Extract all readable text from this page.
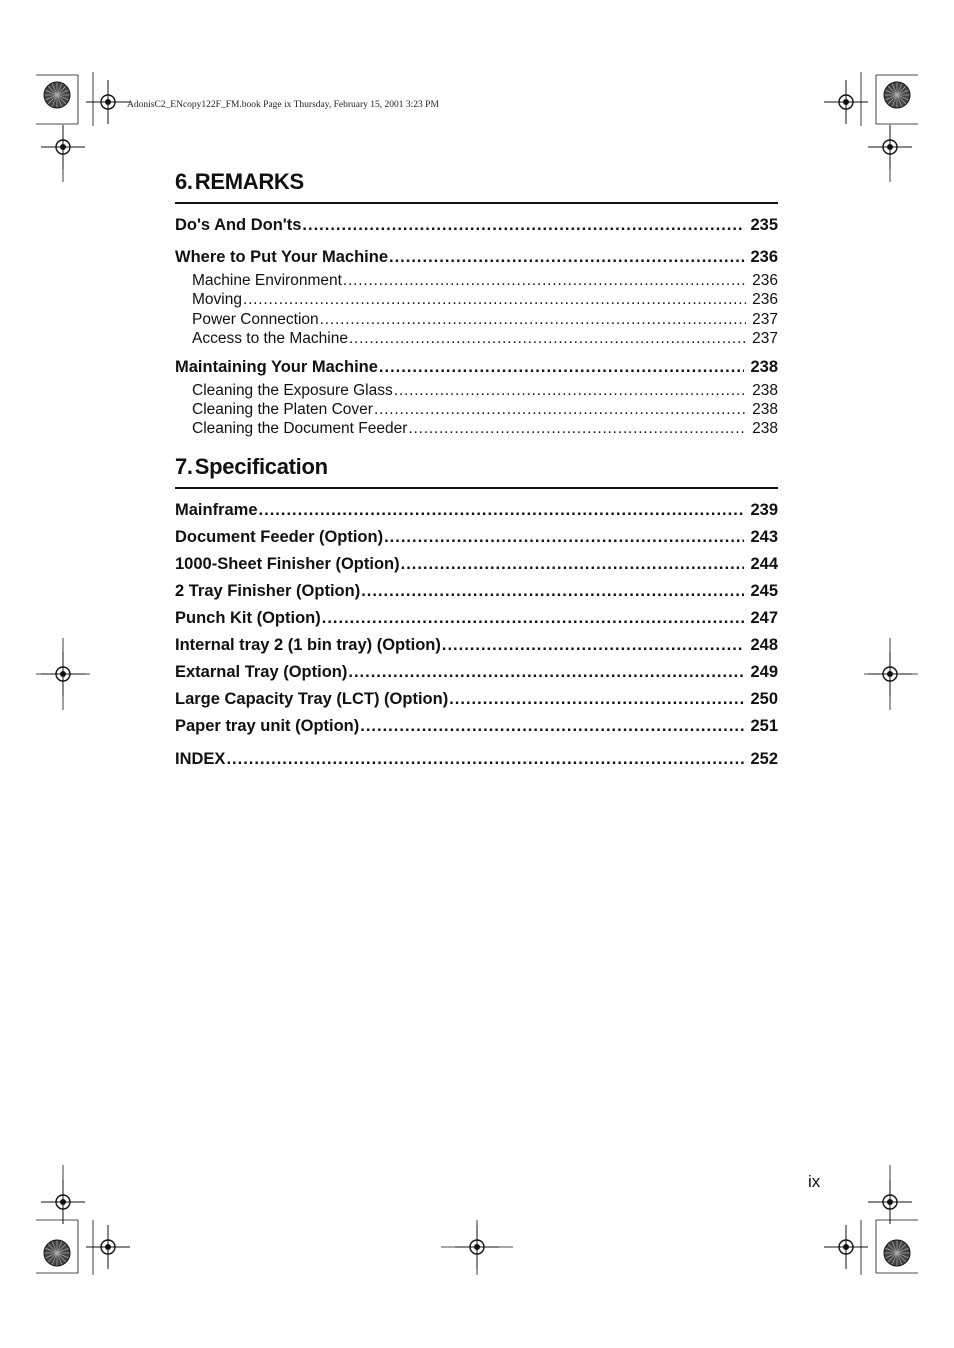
AdonisC2_ENcopy122F_FM.book Page ix Thursday, February 15, 2001 3:23 PM
6.REMARKS
Do's And Don'ts .....	235
Where to Put Your Machine .....	236
Machine Environment .....	236
Moving .....	236
Power Connection .....	237
Access to the Machine .....	237
Maintaining Your Machine .....	238
Cleaning the Exposure Glass .....	238
Cleaning the Platen Cover .....	238
Cleaning the Document Feeder .....	238
7.Specification
Mainframe .....	239
Document Feeder (Option) .....	243
1000-Sheet Finisher (Option) .....	244
2 Tray Finisher (Option) .....	245
Punch Kit (Option) .....	247
Internal tray 2 (1 bin tray) (Option) .....	248
Extarnal Tray (Option) .....	249
Large Capacity Tray (LCT) (Option) .....	250
Paper tray unit (Option) .....	251
INDEX .....	252
ix
